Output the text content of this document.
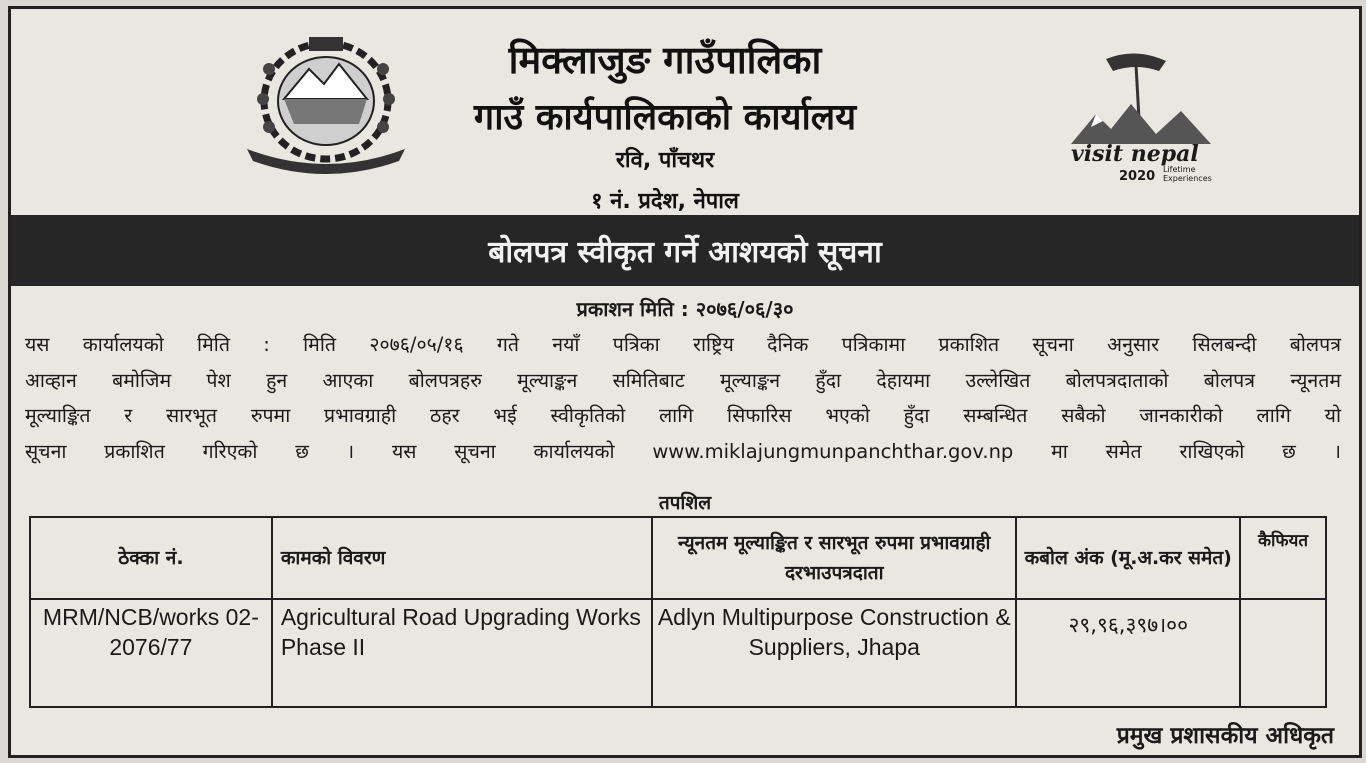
मिक्लाजुङ गाउँपालिका
गाउँ कार्यपालिकाको कार्यालय
रवि, पाँचथर
१ नं. प्रदेश, नेपाल
visit nepal
2020 Lifetime
Experiences
बोलपत्र स्वीकृत गर्ने आशयको सूचना
प्रकाशन मिति : २०७६/०६/३०

यस कार्यालयको मिति : मिति २०७६/०५/१६ गते नयाँ पत्रिका राष्ट्रिय दैनिक पत्रिकामा प्रकाशित सूचना अनुसार सिलबन्दी बोलपत्र

आव्हान बमोजिम पेश हुन आएका बोलपत्रहरु मूल्याङ्कन समितिबाट मूल्याङ्कन हुँदा देहायमा उल्लेखित बोलपत्रदाताको बोलपत्र न्यूनतम

मूल्याङ्कित र सारभूत रुपमा प्रभावग्राही ठहर भई स्वीकृतिको लागि सिफारिस भएको हुँदा सम्बन्धित सबैको जानकारीको लागि यो

सूचना प्रकाशित गरिएको छ । यस सूचना कार्यालयको www.miklajungmunpanchthar.gov.np मा समेत राखिएको छ ।

तपशिल
ठेक्का नं.	कामको विवरण	न्यूनतम मूल्याङ्कित र सारभूत रुपमा प्रभावग्राही दरभाउपत्रदाता	कबोल अंक (मू.अ.कर समेत)	कैफियत
MRM/NCB/works 02-2076/77	Agricultural Road Upgrading Works Phase II	Adlyn Multipurpose Construction & Suppliers, Jhapa	२९,९६,३९७।००	
प्रमुख प्रशासकीय अधिकृत
